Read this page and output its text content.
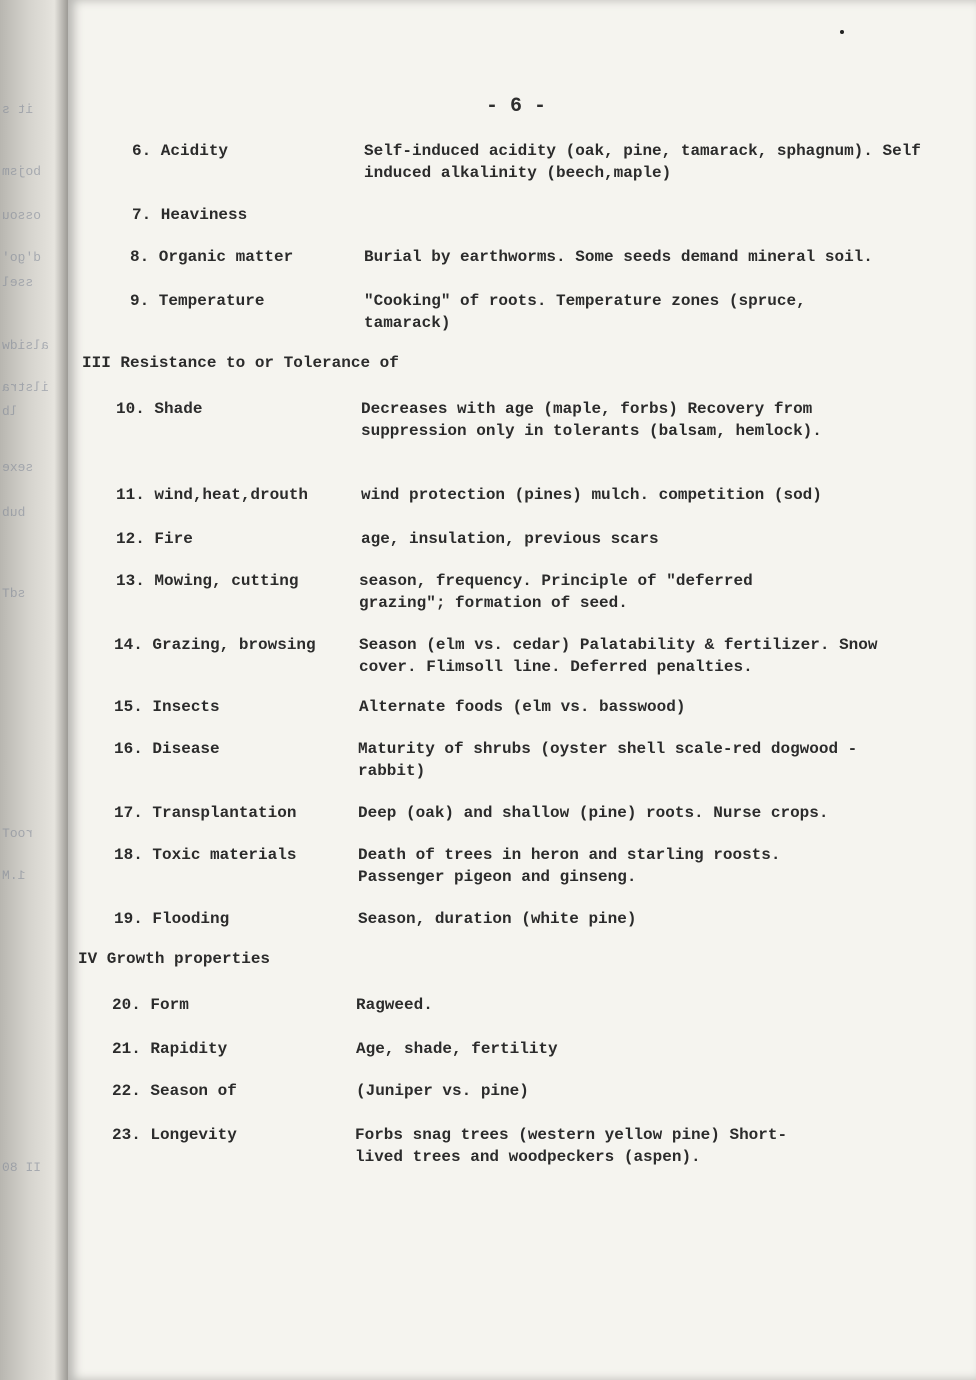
it s
bojsm
ossou
d'go'
ssel
alsidw
ilstra
lb
sexe
bub
sdT
rooT
1.M
II 80
- 6 -
6. Acidity	Self-induced acidity (oak, pine, tamarack, sphagnum). Self induced alkalinity (beech,maple)
7. Heaviness
8. Organic matter	Burial by earthworms. Some seeds demand mineral soil.
9. Temperature	"Cooking" of roots. Temperature zones (spruce, tamarack)
III Resistance to or Tolerance of
10. Shade	Decreases with age (maple, forbs) Recovery from suppression only in tolerants (balsam, hemlock).
11. wind,heat,drouth	wind protection (pines) mulch. competition (sod)
12. Fire	age, insulation, previous scars
13. Mowing, cutting	season, frequency. Principle of "deferred grazing"; formation of seed.
14. Grazing, browsing	Season (elm vs. cedar) Palatability & fertilizer. Snow cover. Flimsoll line. Deferred penalties.
15. Insects	Alternate foods (elm vs. basswood)
16. Disease	Maturity of shrubs (oyster shell scale-red dogwood - rabbit)
17. Transplantation	Deep (oak) and shallow (pine) roots. Nurse crops.
18. Toxic materials	Death of trees in heron and starling roosts. Passenger pigeon and ginseng.
19. Flooding	Season, duration (white pine)
IV Growth properties
20. Form	Ragweed.
21. Rapidity	Age, shade, fertility
22. Season of	(Juniper vs. pine)
23. Longevity	Forbs snag trees (western yellow pine) Short-lived trees and woodpeckers (aspen).
